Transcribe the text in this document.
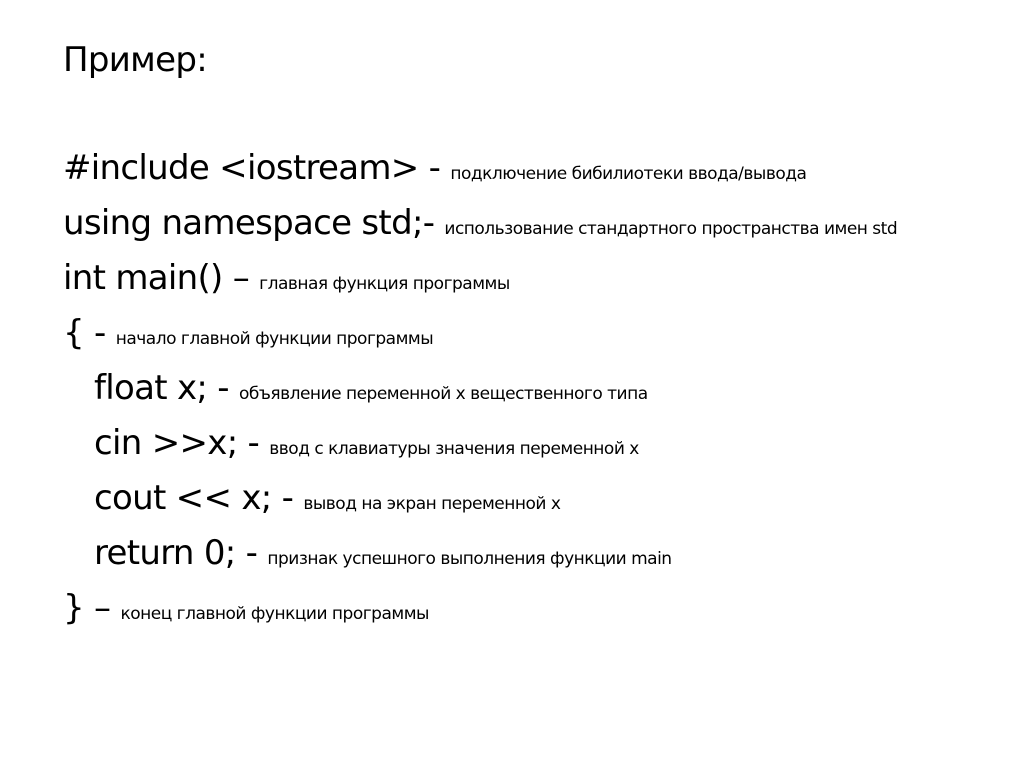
Пример:
#include <iostream> - подключение бибилиотеки ввода/вывода
using namespace std;- использование стандартного пространства имен std
int main() – главная функция программы
{ - начало главной функции программы
float x; - объявление переменной x вещественного типа
cin >>x; - ввод с клавиатуры значения переменной x
cout << x; - вывод на экран переменной x
return 0; - признак успешного выполнения функции main
} – конец главной функции программы
